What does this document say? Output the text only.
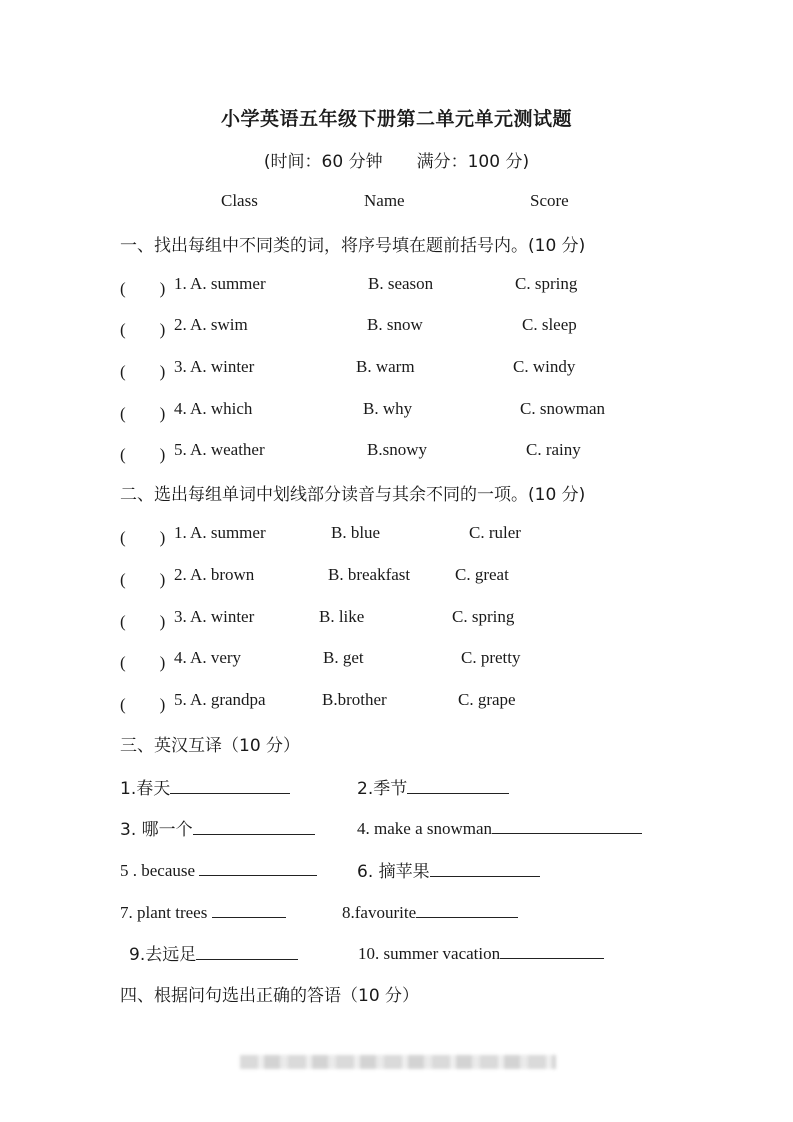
小学英语五年级下册第二单元单元测试题
(时间：60 分钟　　满分：100 分)
Class	Name	Score
一、找出每组中不同类的词，将序号填在题前括号内。(10 分)
(　　) 1. A. summer	B. season	C. spring
(　　) 2. A. swim	B. snow	C. sleep
(　　) 3. A. winter	B. warm	C. windy
(　　) 4. A. which	B. why	C. snowman
(　　) 5. A. weather	B.snowy	C. rainy
二、选出每组单词中划线部分读音与其余不同的一项。(10 分)
(　　) 1. A. summer	B. blue	C. ruler
(　　) 2. A. brown	B. breakfast	C. great
(　　) 3. A. winter	B. like	C. spring
(　　) 4. A. very	B. get	C. pretty
(　　) 5. A. grandpa	B.brother	C. grape
三、英汉互译（10 分）
1.春天	2.季节
3. 哪一个	4. make a snowman
5 . because	6. 摘苹果
7. plant trees	8.favourite
9.去远足	10. summer vacation
四、根据问句选出正确的答语（10 分）
